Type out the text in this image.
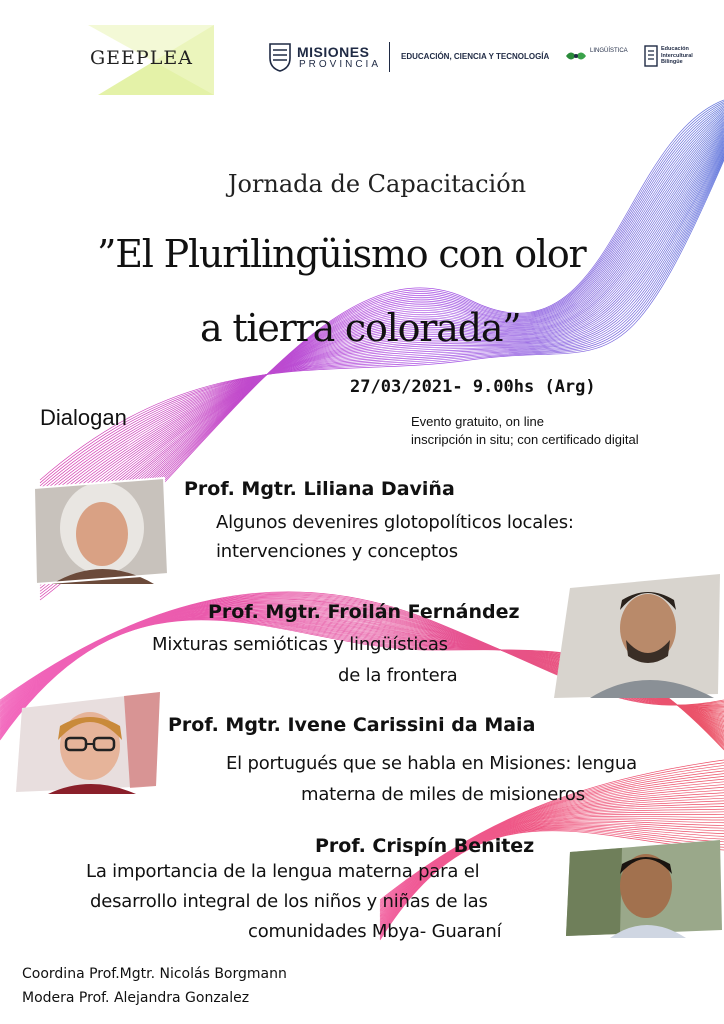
GEEPLEA	MISIONES
PROVINCIA
EDUCACIÓN, CIENCIA Y TECNOLOGÍA
LINGÜÍSTICA	Educación
Intercultural
Bilingüe
Jornada de Capacitación
”El Plurilingüismo con olor
a tierra colorada”
27/03/2021- 9.00hs (Arg)
Dialogan	Evento gratuito, on line
inscripción in situ; con certificado digital
Prof. Mgtr. Liliana Daviña
Algunos devenires glotopolíticos locales:
intervenciones y conceptos
Prof. Mgtr. Froilán Fernández
Mixturas semióticas y lingüísticas
de la frontera
Prof. Mgtr. Ivene Carissini da Maia
El portugués que se habla en Misiones: lengua
materna de miles de misioneros
Prof. Crispín Benitez
La importancia de la lengua materna para el
desarrollo integral de los niños y niñas de las
comunidades Mbya- Guaraní
Coordina Prof.Mgtr. Nicolás Borgmann
Modera Prof. Alejandra Gonzalez
